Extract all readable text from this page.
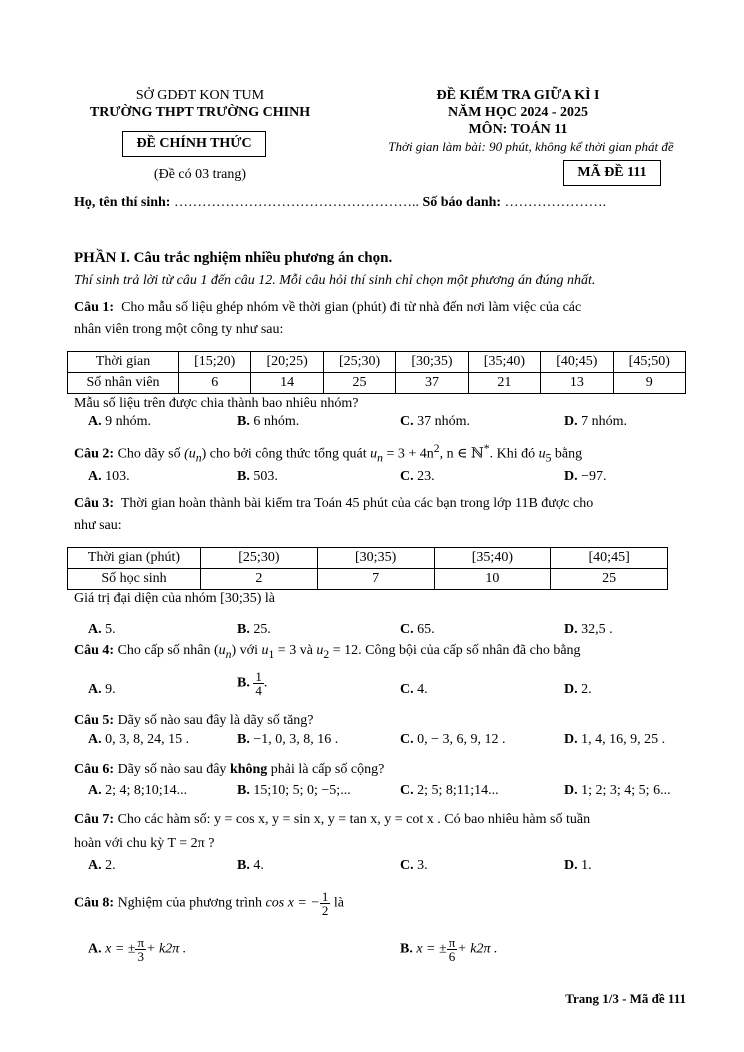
SỞ GDĐT KON TUM
TRƯỜNG THPT TRƯỜNG CHINH
ĐỀ CHÍNH THỨC
(Đề có 03 trang)
ĐỀ KIỂM TRA GIỮA KÌ I
NĂM HỌC 2024 - 2025
MÔN: TOÁN 11
Thời gian làm bài: 90 phút, không kể thời gian phát đề
MÃ ĐỀ 111
Họ, tên thí sinh: …………………………………………….. Số báo danh: ………………….
PHẦN I. Câu trắc nghiệm nhiều phương án chọn.
Thí sinh trả lời từ câu 1 đến câu 12. Mỗi câu hỏi thí sinh chỉ chọn một phương án đúng nhất.
Câu 1: Cho mẫu số liệu ghép nhóm về thời gian (phút) đi từ nhà đến nơi làm việc của các
nhân viên trong một công ty như sau:
Thời gian	[15;20)	[20;25)	[25;30)	[30;35)	[35;40)	[40;45)	[45;50)
Số nhân viên	6	14	25	37	21	13	9
Mẫu số liệu trên được chia thành bao nhiêu nhóm?
A. 9 nhóm.	B. 6 nhóm.	C. 37 nhóm.	D. 7 nhóm.
Câu 2: Cho dãy số $(u_n)$ cho bởi công thức tổng quát $u_n = 3 + 4n^2$, n ∈ ℕ*. Khi đó $u_5$ bằng
A. 103.	B. 503.	C. 23.	D. −97.
Câu 3: Thời gian hoàn thành bài kiểm tra Toán 45 phút của các bạn trong lớp 11B được cho
như sau:
Thời gian (phút)	[25;30)	[30;35)	[35;40)	[40;45]
Số học sinh	2	7	10	25
Giá trị đại diện của nhóm [30;35) là
A. 5.	B. 25.	C. 65.	D. 32,5 .
Câu 4: Cho cấp số nhân $(u_n)$ với $u_1 = 3$ và $u_2 = 12$. Công bội của cấp số nhân đã cho bằng
A. 9.	B. $\frac{1}{4}$ .	C. 4.	D. 2.
Câu 5: Dãy số nào sau đây là dãy số tăng?
A. 0, 3, 8, 24, 15 .	B. −1, 0, 3, 8, 16 .	C. 0, − 3, 6, 9, 12 .	D. 1, 4, 16, 9, 25 .
Câu 6: Dãy số nào sau đây không phải là cấp số cộng?
A. 2; 4; 8;10;14...	B. 15;10; 5; 0; −5;...	C. 2; 5; 8;11;14...	D. 1; 2; 3; 4; 5; 6...
Câu 7: Cho các hàm số: y = cos x, y = sin x, y = tan x, y = cot x . Có bao nhiêu hàm số tuần
hoàn với chu kỳ T = 2π ?
A. 2.	B. 4.	C. 3.	D. 1.
Câu 8: Nghiệm của phương trình cos x = − $\frac{1}{2}$ là
A. x = ± $\frac{\pi}{3} + k2\pi$ .	B. x = ± $\frac{\pi}{6} + k2\pi$ .
Trang 1/3 - Mã đề 111
